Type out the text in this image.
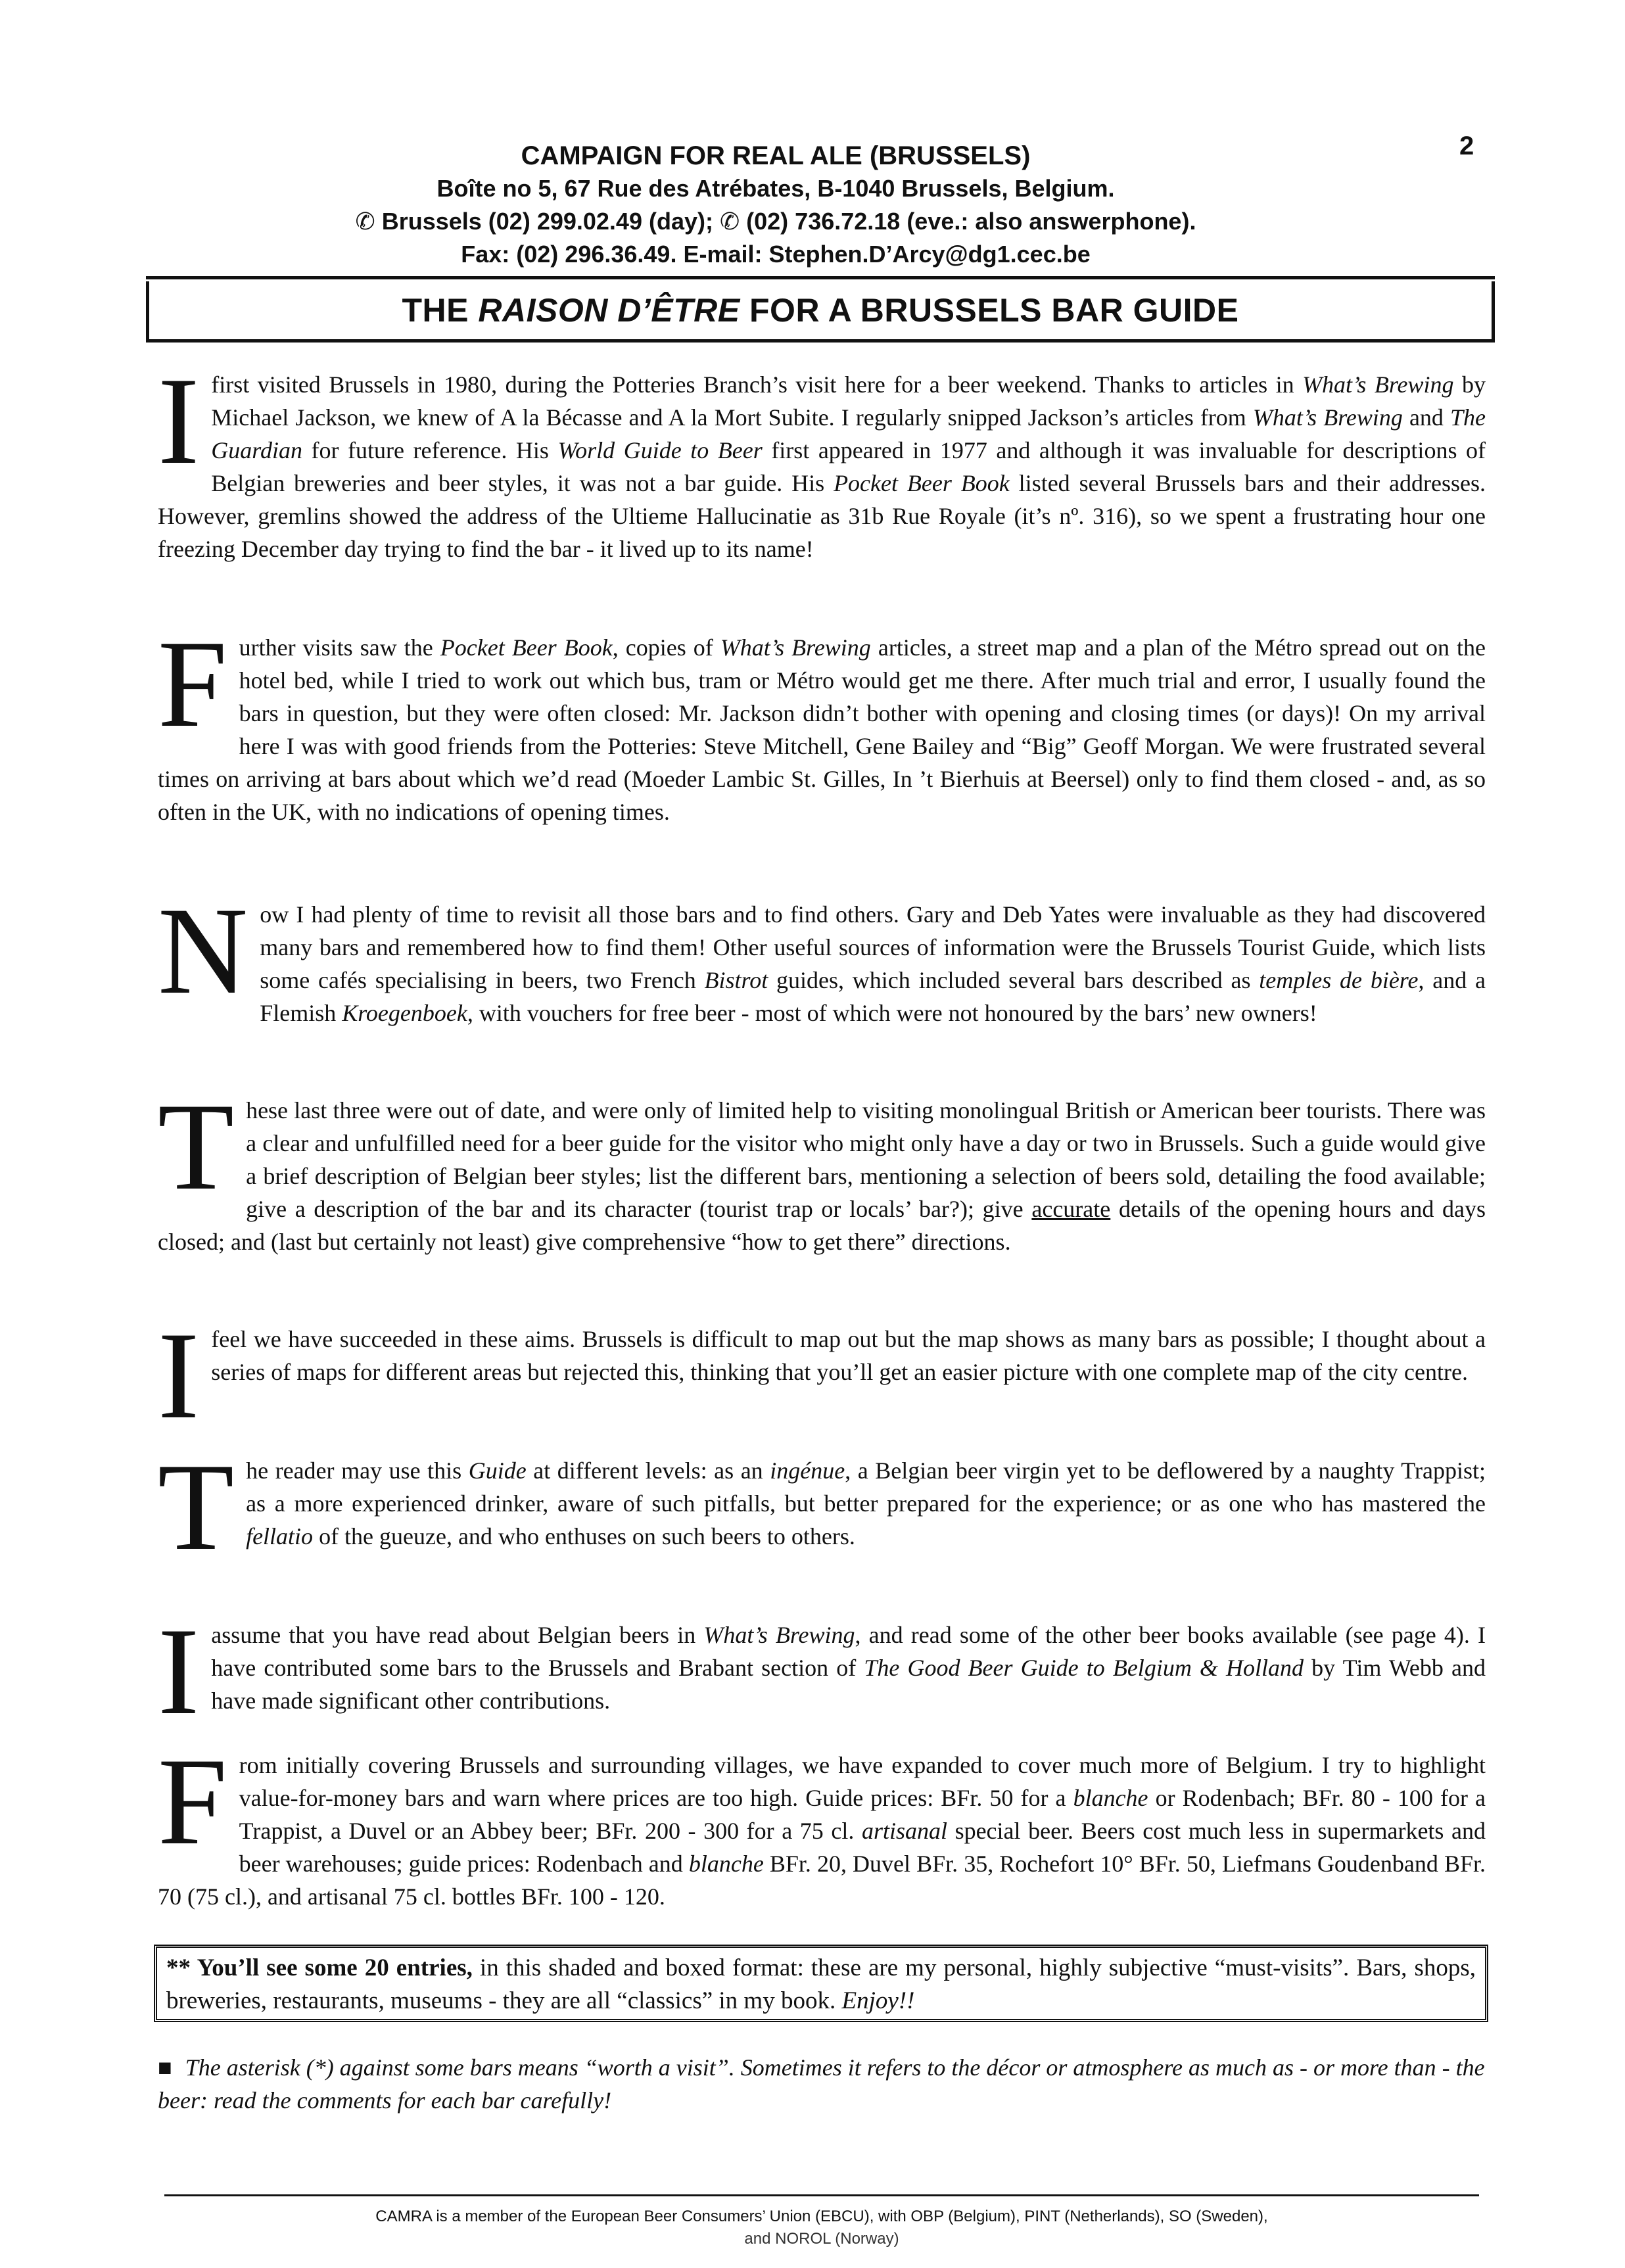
2
CAMPAIGN FOR REAL ALE (BRUSSELS)
Boîte no 5, 67 Rue des Atrébates, B-1040 Brussels, Belgium.
✆ Brussels (02) 299.02.49 (day); ✆ (02) 736.72.18 (eve.: also answerphone).
Fax: (02) 296.36.49. E-mail: Stephen.D’Arcy@dg1.cec.be
THE RAISON D’ÊTRE FOR A BRUSSELS BAR GUIDE

I first visited Brussels in 1980, during the Potteries Branch’s visit here for a beer weekend. Thanks to articles in What’s Brewing by Michael Jackson, we knew of A la Bécasse and A la Mort Subite. I regularly snipped Jackson’s articles from What’s Brewing and The Guardian for future reference. His World Guide to Beer first appeared in 1977 and although it was invaluable for descriptions of Belgian breweries and beer styles, it was not a bar guide. His Pocket Beer Book listed several Brussels bars and their addresses. However, gremlins showed the address of the Ultieme Hallucinatie as 31b Rue Royale (it’s nº. 316), so we spent a frustrating hour one freezing December day trying to find the bar - it lived up to its name!

Further visits saw the Pocket Beer Book, copies of What’s Brewing articles, a street map and a plan of the Métro spread out on the hotel bed, while I tried to work out which bus, tram or Métro would get me there. After much trial and error, I usually found the bars in question, but they were often closed: Mr. Jackson didn’t bother with opening and closing times (or days)! On my arrival here I was with good friends from the Potteries: Steve Mitchell, Gene Bailey and “Big” Geoff Morgan. We were frustrated several times on arriving at bars about which we’d read (Moeder Lambic St. Gilles, In ’t Bierhuis at Beersel) only to find them closed - and, as so often in the UK, with no indications of opening times.

Now I had plenty of time to revisit all those bars and to find others. Gary and Deb Yates were invaluable as they had discovered many bars and remembered how to find them! Other useful sources of information were the Brussels Tourist Guide, which lists some cafés specialising in beers, two French Bistrot guides, which included several bars described as temples de bière, and a Flemish Kroegenboek, with vouchers for free beer - most of which were not honoured by the bars’ new owners!

These last three were out of date, and were only of limited help to visiting monolingual British or American beer tourists. There was a clear and unfulfilled need for a beer guide for the visitor who might only have a day or two in Brussels. Such a guide would give a brief description of Belgian beer styles; list the different bars, mentioning a selection of beers sold, detailing the food available; give a description of the bar and its character (tourist trap or locals’ bar?); give accurate details of the opening hours and days closed; and (last but certainly not least) give comprehensive “how to get there” directions.

I feel we have succeeded in these aims. Brussels is difficult to map out but the map shows as many bars as possible; I thought about a series of maps for different areas but rejected this, thinking that you’ll get an easier picture with one complete map of the city centre.

The reader may use this Guide at different levels: as an ingénue, a Belgian beer virgin yet to be deflowered by a naughty Trappist; as a more experienced drinker, aware of such pitfalls, but better prepared for the experience; or as one who has mastered the fellatio of the gueuze, and who enthuses on such beers to others.

I assume that you have read about Belgian beers in What’s Brewing, and read some of the other beer books available (see page 4). I have contributed some bars to the Brussels and Brabant section of The Good Beer Guide to Belgium & Holland by Tim Webb and have made significant other contributions.

From initially covering Brussels and surrounding villages, we have expanded to cover much more of Belgium. I try to highlight value-for-money bars and warn where prices are too high. Guide prices: BFr. 50 for a blanche or Rodenbach; BFr. 80 - 100 for a Trappist, a Duvel or an Abbey beer; BFr. 200 - 300 for a 75 cl. artisanal special beer. Beers cost much less in supermarkets and beer warehouses; guide prices: Rodenbach and blanche BFr. 20, Duvel BFr. 35, Rochefort 10° BFr. 50, Liefmans Goudenband BFr. 70 (75 cl.), and artisanal 75 cl. bottles BFr. 100 - 120.

** You’ll see some 20 entries, in this shaded and boxed format: these are my personal, highly subjective “must-visits”. Bars, shops, breweries, restaurants, museums - they are all “classics” in my book. Enjoy!!
■ The asterisk (*) against some bars means “worth a visit”. Sometimes it refers to the décor or atmosphere as much as - or more than - the beer: read the comments for each bar carefully!
CAMRA is a member of the European Beer Consumers’ Union (EBCU), with OBP (Belgium), PINT (Netherlands), SO (Sweden),
and NOROL (Norway)
